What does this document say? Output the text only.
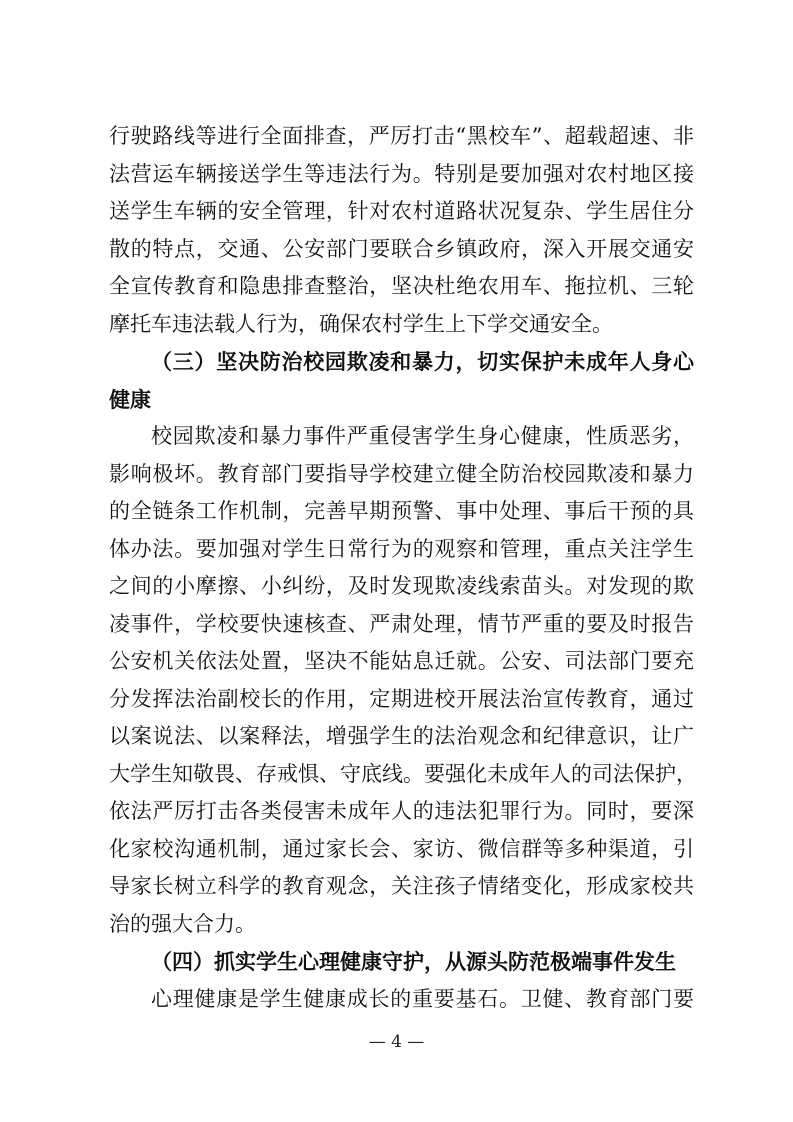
行驶路线等进行全面排查，严厉打击“黑校车”、超载超速、非
法营运车辆接送学生等违法行为。特别是要加强对农村地区接
送学生车辆的安全管理，针对农村道路状况复杂、学生居住分
散的特点，交通、公安部门要联合乡镇政府，深入开展交通安
全宣传教育和隐患排查整治，坚决杜绝农用车、拖拉机、三轮
摩托车违法载人行为，确保农村学生上下学交通安全。
（三）坚决防治校园欺凌和暴力，切实保护未成年人身心
健康
校园欺凌和暴力事件严重侵害学生身心健康，性质恶劣，
影响极坏。教育部门要指导学校建立健全防治校园欺凌和暴力
的全链条工作机制，完善早期预警、事中处理、事后干预的具
体办法。要加强对学生日常行为的观察和管理，重点关注学生
之间的小摩擦、小纠纷，及时发现欺凌线索苗头。对发现的欺
凌事件，学校要快速核查、严肃处理，情节严重的要及时报告
公安机关依法处置，坚决不能姑息迁就。公安、司法部门要充
分发挥法治副校长的作用，定期进校开展法治宣传教育，通过
以案说法、以案释法，增强学生的法治观念和纪律意识，让广
大学生知敬畏、存戒惧、守底线。要强化未成年人的司法保护，
依法严厉打击各类侵害未成年人的违法犯罪行为。同时，要深
化家校沟通机制，通过家长会、家访、微信群等多种渠道，引
导家长树立科学的教育观念，关注孩子情绪变化，形成家校共
治的强大合力。
（四）抓实学生心理健康守护，从源头防范极端事件发生
心理健康是学生健康成长的重要基石。卫健、教育部门要
— 4 —
